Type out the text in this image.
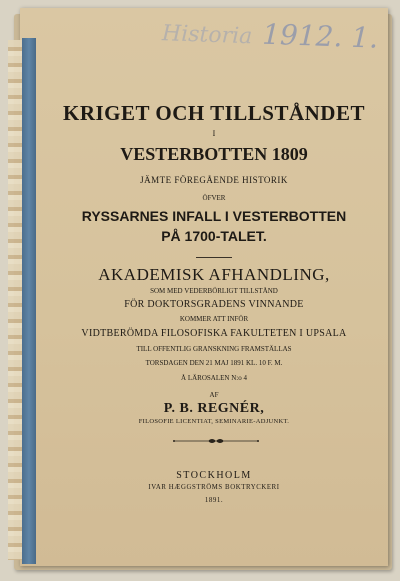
Historia 1912. 1.
KRIGET OCH TILLSTÅNDET
I
VESTERBOTTEN 1809
JÄMTE FÖREGÅENDE HISTORIK
ÖFVER
RYSSARNES INFALL I VESTERBOTTEN
PÅ 1700-TALET.
AKADEMISK AFHANDLING,
SOM MED VEDERBÖRLIGT TILLSTÅND
FÖR DOKTORSGRADENS VINNANDE
KOMMER ATT INFÖR
VIDTBERÖMDA FILOSOFISKA FAKULTETEN I UPSALA
TILL OFFENTLIG GRANSKNING FRAMSTÄLLAS
TORSDAGEN DEN 21 MAJ 1891 KL. 10 F. M.
Å LÄROSALEN N:o 4
AF
P. B. REGNÉR,
FILOSOFIE LICENTIAT, SEMINARIE-ADJUNKT.
STOCKHOLM
IVAR HÆGGSTRÖMS BOKTRYCKERI
1891.
